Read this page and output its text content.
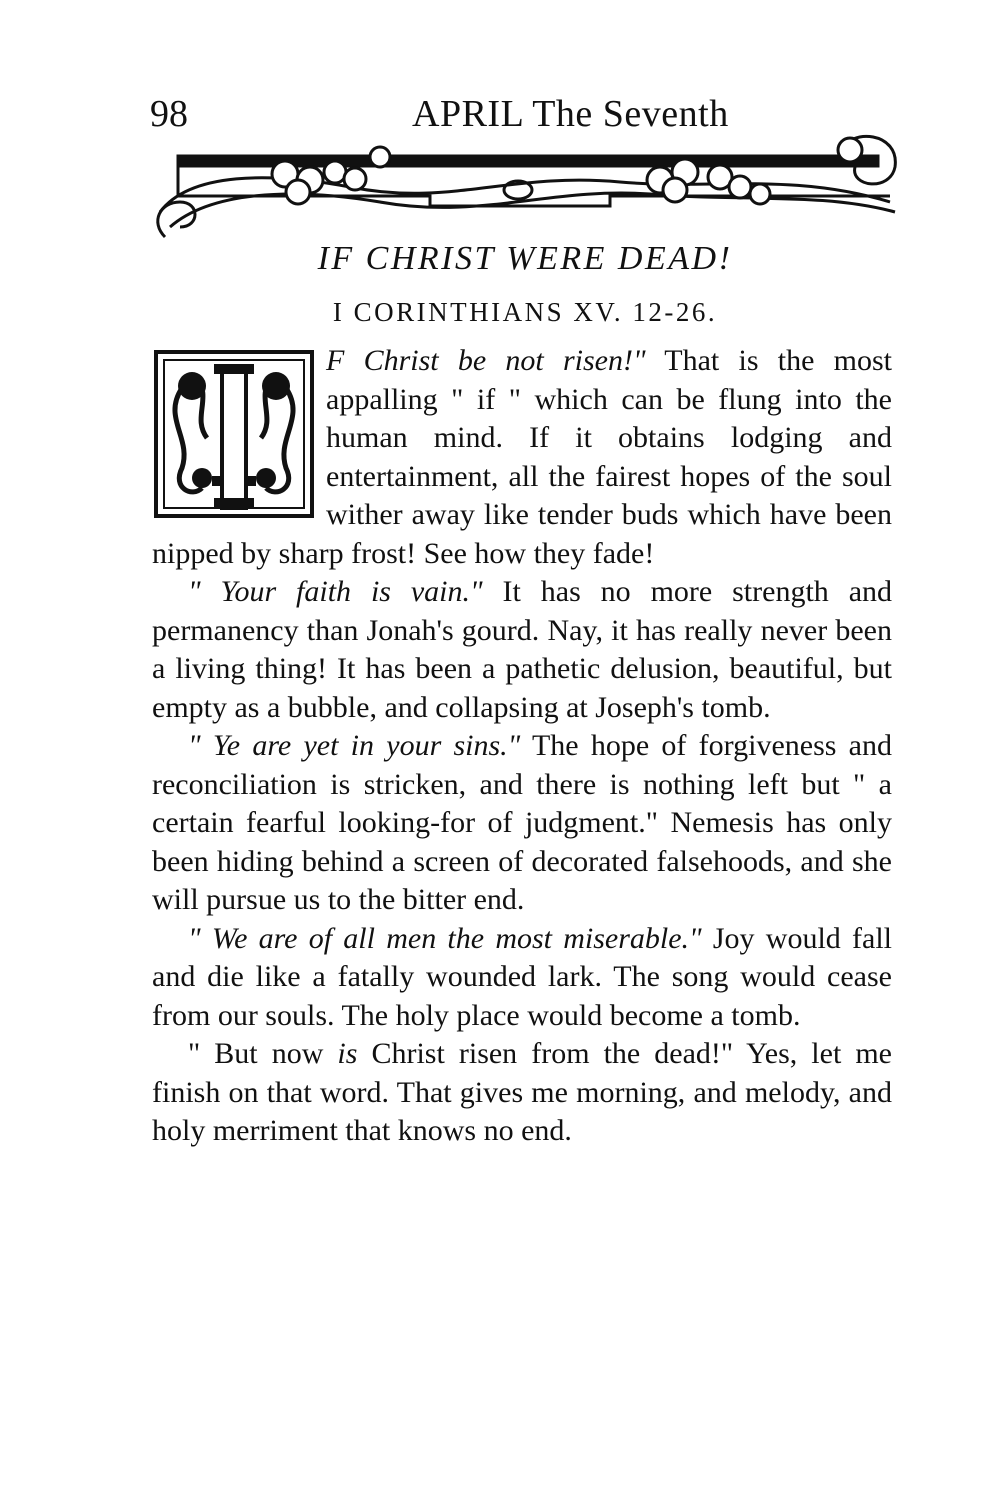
98	APRIL The Seventh
IF CHRIST WERE DEAD!
I CORINTHIANS XV. 12-26.

F Christ be not risen!" That is the most appalling " if " which can be flung into the human mind. If it obtains lodging and entertainment, all the fairest hopes of the soul wither away like tender buds which have been nipped by sharp frost! See how they fade!

" Your faith is vain." It has no more strength and permanency than Jonah's gourd. Nay, it has really never been a living thing! It has been a pathetic delusion, beautiful, but empty as a bubble, and collapsing at Joseph's tomb.

" Ye are yet in your sins." The hope of forgiveness and reconciliation is stricken, and there is nothing left but " a certain fearful looking-for of judgment." Nemesis has only been hiding behind a screen of decorated falsehoods, and she will pursue us to the bitter end.

" We are of all men the most miserable." Joy would fall and die like a fatally wounded lark. The song would cease from our souls. The holy place would become a tomb.

" But now is Christ risen from the dead!" Yes, let me finish on that word. That gives me morning, and melody, and holy merriment that knows no end.
